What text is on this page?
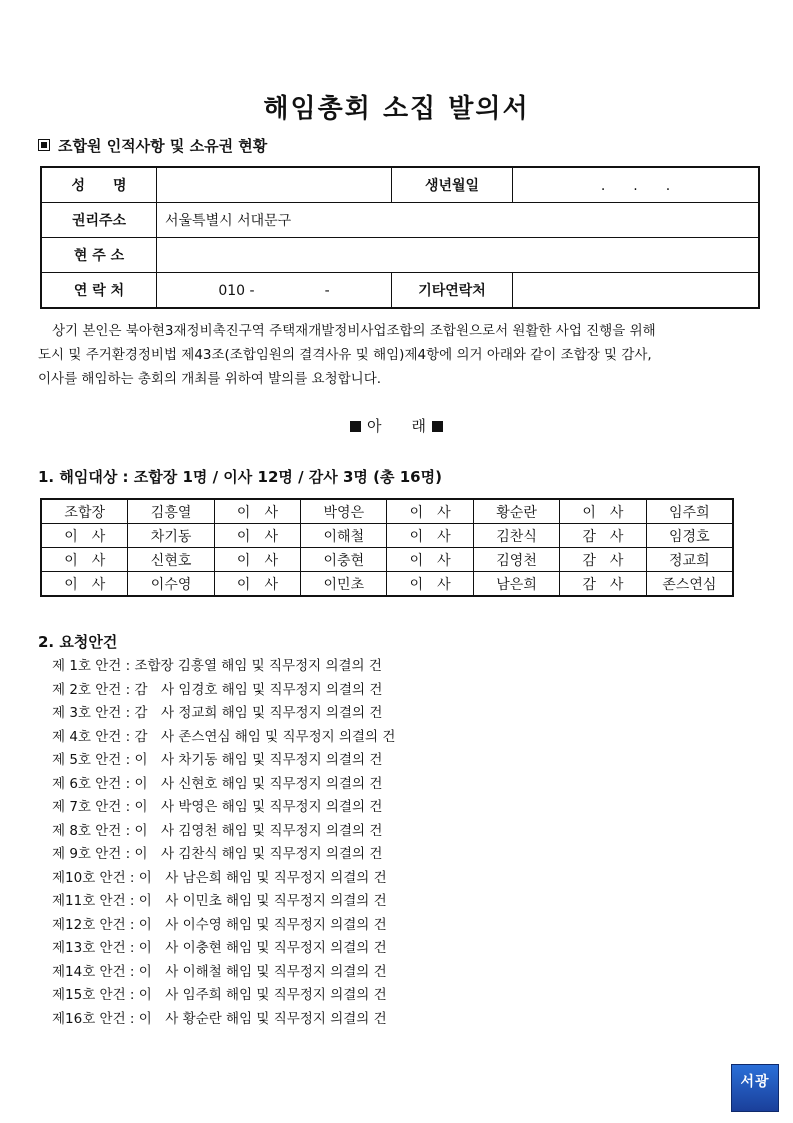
해임총회 소집 발의서
조합원 인적사항 및 소유권 현황
성　　명		생년월일	.　　.　　.
권리주소	서울특별시 서대문구		
현 주 소			
연 락 처	010 -　　　　　-	기타연락처	
상기 본인은 북아현3재정비촉진구역 주택재개발정비사업조합의 조합원으로서 원활한 사업 진행을 위해
도시 및 주거환경정비법 제43조(조합임원의 결격사유 및 해임)제4항에 의거 아래와 같이 조합장 및 감사,
이사를 해임하는 총회의 개최를 위하여 발의를 요청합니다.
아　　래
1. 해임대상 : 조합장 1명 / 이사 12명 / 감사 3명 (총 16명)
조합장	김흥열	이　사	박영은	이　사	황순란	이　사	임주희
이　사	차기동	이　사	이해철	이　사	김찬식	감　사	임경호
이　사	신현호	이　사	이충현	이　사	김영천	감　사	정교희
이　사	이수영	이　사	이민초	이　사	남은희	감　사	존스연심
2. 요청안건
제 1호 안건 : 조합장 김흥열 해임 및 직무정지 의결의 건
제 2호 안건 : 감　사 임경호 해임 및 직무정지 의결의 건
제 3호 안건 : 감　사 정교희 해임 및 직무정지 의결의 건
제 4호 안건 : 감　사 존스연심 해임 및 직무정지 의결의 건
제 5호 안건 : 이　사 차기동 해임 및 직무정지 의결의 건
제 6호 안건 : 이　사 신현호 해임 및 직무정지 의결의 건
제 7호 안건 : 이　사 박영은 해임 및 직무정지 의결의 건
제 8호 안건 : 이　사 김영천 해임 및 직무정지 의결의 건
제 9호 안건 : 이　사 김찬식 해임 및 직무정지 의결의 건
제10호 안건 : 이　사 남은희 해임 및 직무정지 의결의 건
제11호 안건 : 이　사 이민초 해임 및 직무정지 의결의 건
제12호 안건 : 이　사 이수영 해임 및 직무정지 의결의 건
제13호 안건 : 이　사 이충현 해임 및 직무정지 의결의 건
제14호 안건 : 이　사 이해철 해임 및 직무정지 의결의 건
제15호 안건 : 이　사 임주희 해임 및 직무정지 의결의 건
제16호 안건 : 이　사 황순란 해임 및 직무정지 의결의 건
서광
